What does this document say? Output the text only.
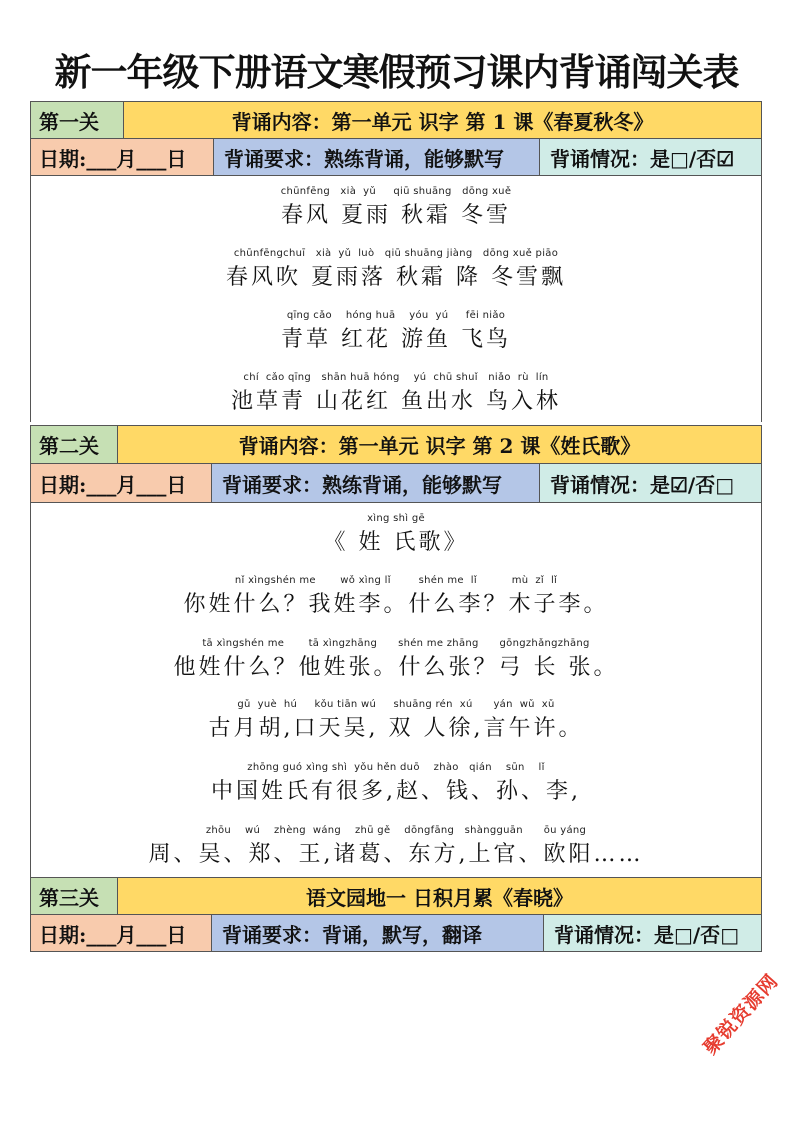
新一年级下册语文寒假预习课内背诵闯关表
第一关	背诵内容：第一单元 识字 第 1 课《春夏秋冬》
日期:___月___日	背诵要求：熟练背诵，能够默写	背诵情况：是□/否☑
chūnfēng   xià  yǔ     qiū shuāng   dōng xuě
春风 夏雨 秋霜 冬雪
chūnfēngchuī   xià  yǔ  luò   qiū shuāng jiàng   dōng xuě piāo
春风吹 夏雨落 秋霜 降 冬雪飘
qīng cǎo    hóng huā    yóu  yú     fēi niǎo
青草 红花 游鱼 飞鸟
chí  cǎo qīng   shān huā hóng    yú  chū shuǐ   niǎo  rù  lín
池草青 山花红 鱼出水 鸟入林
第二关	背诵内容：第一单元 识字 第 2 课《姓氏歌》
日期:___月___日	背诵要求：熟练背诵，能够默写	背诵情况：是☑/否□
xìng shì gē
《 姓 氏歌》
nǐ xìngshén me       wǒ xìng lǐ        shén me  lǐ          mù  zǐ  lǐ
你姓什么？我姓李。什么李？木子李。
tā xìngshén me       tā xìngzhāng      shén me zhāng      gōngzhǎngzhāng
他姓什么？他姓张。什么张？弓 长 张。
gǔ  yuè  hú     kǒu tiān wú     shuāng rén  xú      yán  wǔ  xǔ
古月胡,口天吴, 双 人徐,言午许。
zhōng guó xìng shì  yǒu hěn duō    zhào   qián    sūn    lǐ
中国姓氏有很多,赵、钱、孙、李,
zhōu    wú    zhèng  wáng    zhū gě    dōngfāng   shàngguān      ōu yáng
周、吴、郑、王,诸葛、东方,上官、欧阳……
第三关	语文园地一 日积月累《春晓》
日期:___月___日	背诵要求：背诵，默写，翻译	背诵情况：是□/否□
聚锐资源网
